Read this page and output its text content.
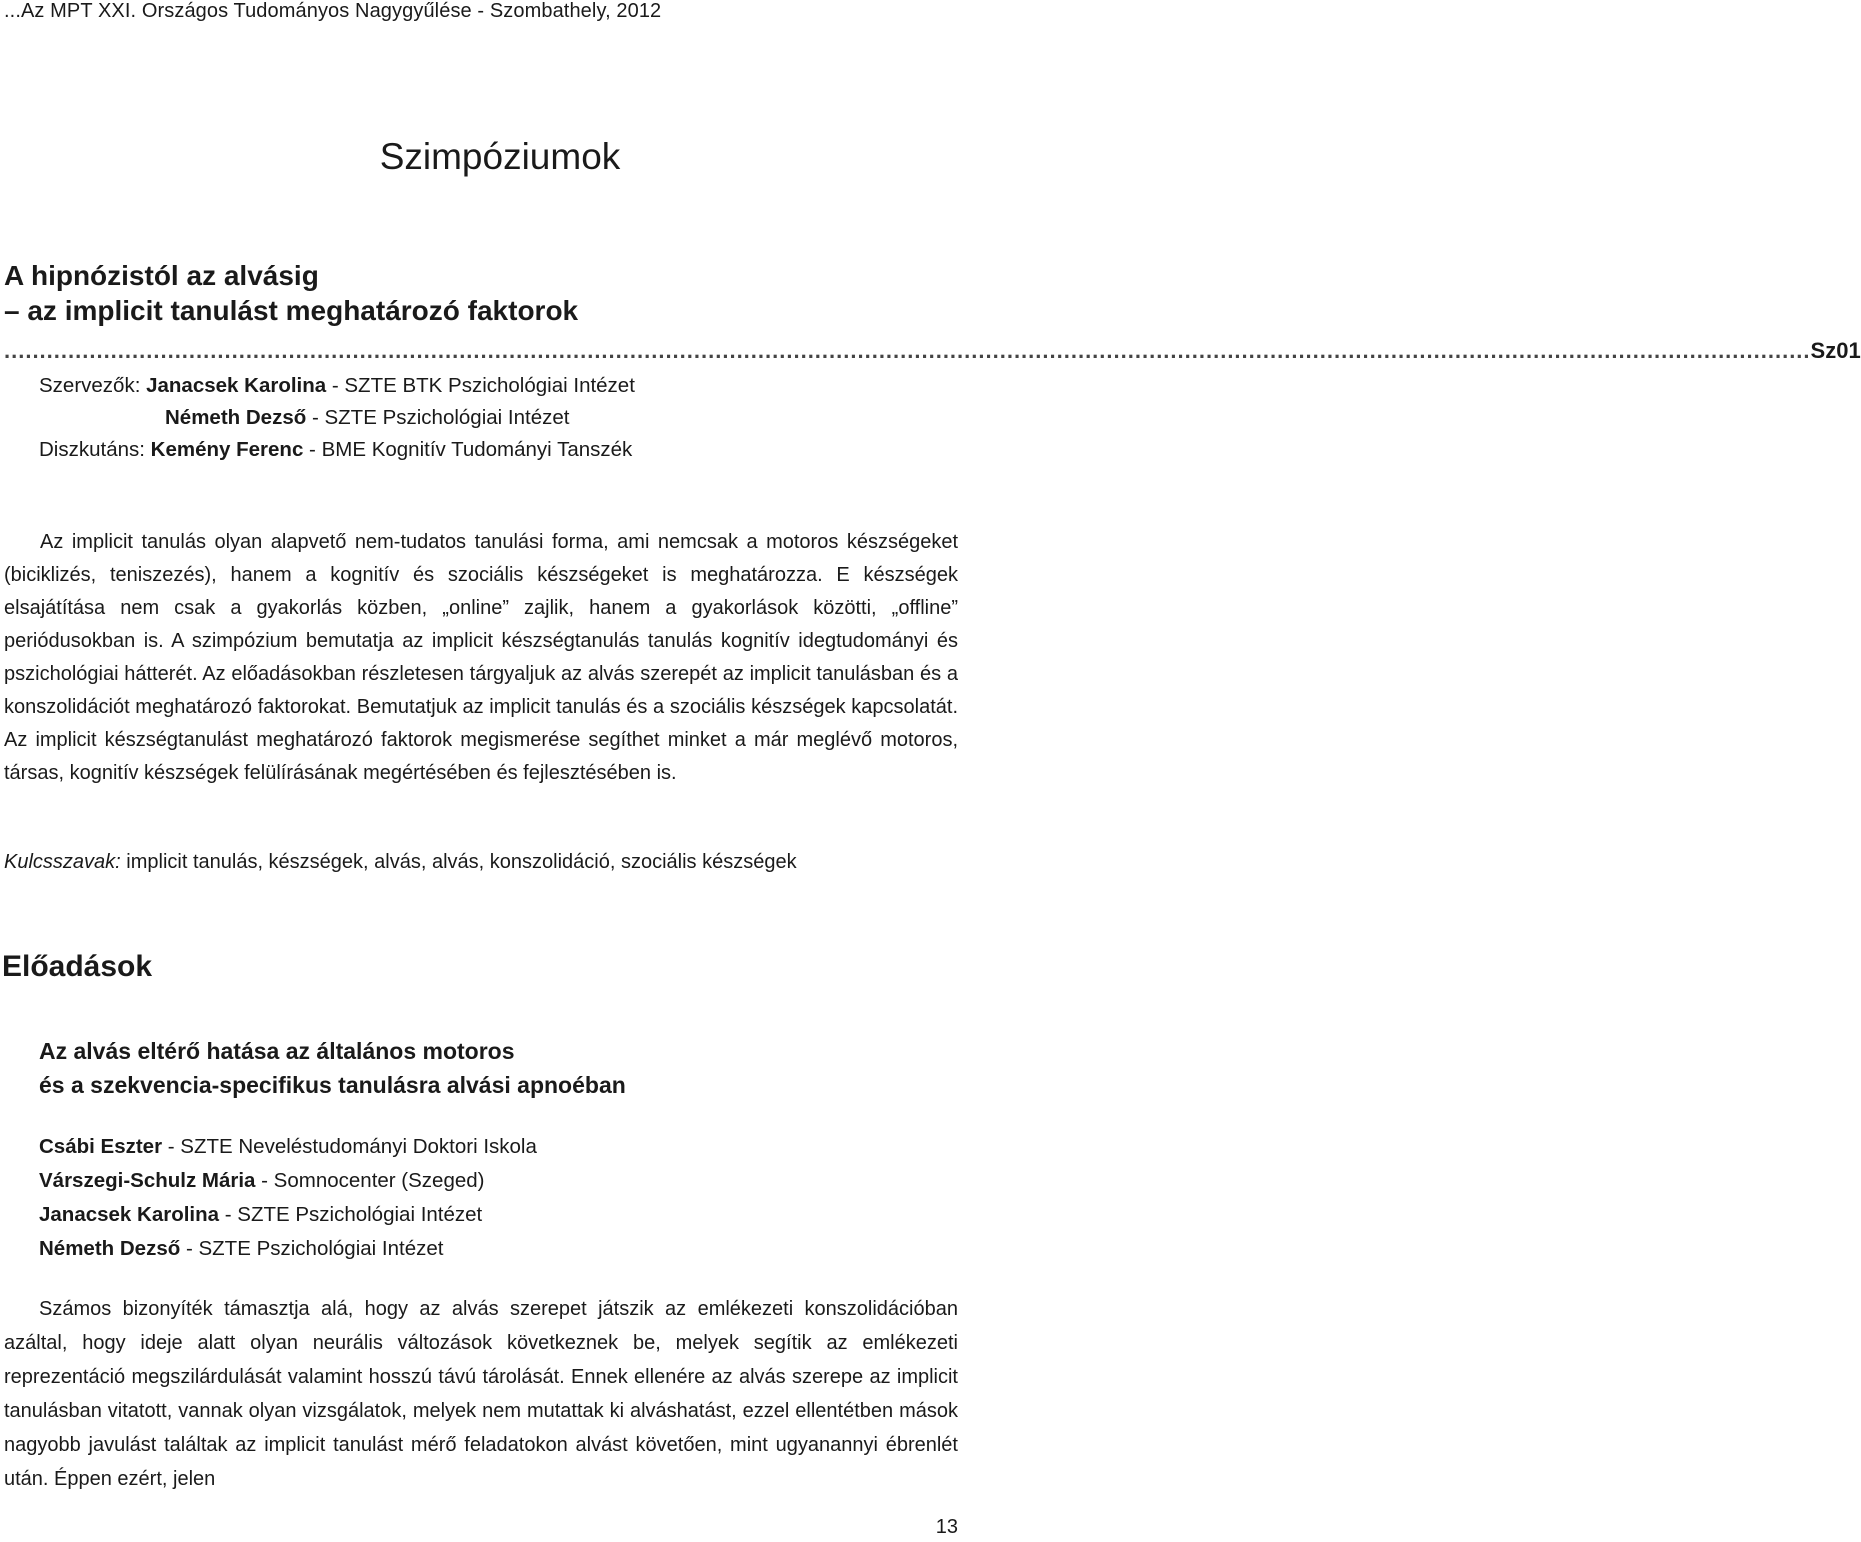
...Az MPT XXI. Országos Tudományos Nagygyűlése - Szombathely, 2012
Szimpóziumok
A hipnózistól az alvásig
– az implicit tanulást meghatározó faktorok
.............................................................................................................................................................................................................................................................. Sz01
Szervezők: Janacsek Karolina - SZTE BTK Pszichológiai Intézet
Németh Dezső - SZTE Pszichológiai Intézet
Diszkutáns: Kemény Ferenc - BME Kognitív Tudományi Tanszék

Az implicit tanulás olyan alapvető nem-tudatos tanulási forma, ami nemcsak a motoros készségeket (biciklizés, teniszezés), hanem a kognitív és szociális készségeket is meghatározza. E készségek elsajátítása nem csak a gyakorlás közben, „online” zajlik, hanem a gyakorlások közötti, „offline” periódusokban is. A szimpózium bemutatja az implicit készségtanulás tanulás kognitív idegtudományi és pszichológiai hátterét. Az előadásokban részletesen tárgyaljuk az alvás szerepét az implicit tanulásban és a konszolidációt meghatározó faktorokat. Bemutatjuk az implicit tanulás és a szociális készségek kapcsolatát. Az implicit készségtanulást meghatározó faktorok megismerése segíthet minket a már meglévő motoros, társas, kognitív készségek felülírásának megértésében és fejlesztésében is.

Kulcsszavak: implicit tanulás, készségek, alvás, alvás, konszolidáció, szociális készségek
Előadások
Az alvás eltérő hatása az általános motoros
és a szekvencia-specifikus tanulásra alvási apnoéban
Csábi Eszter - SZTE Neveléstudományi Doktori Iskola
Várszegi-Schulz Mária - Somnocenter (Szeged)
Janacsek Karolina - SZTE Pszichológiai Intézet
Németh Dezső - SZTE Pszichológiai Intézet

Számos bizonyíték támasztja alá, hogy az alvás szerepet játszik az emlékezeti konszolidációban azáltal, hogy ideje alatt olyan neurális változások következnek be, melyek segítik az emlékezeti reprezentáció megszilárdulását valamint hosszú távú tárolását. Ennek ellenére az alvás szerepe az implicit tanulásban vitatott, vannak olyan vizsgálatok, melyek nem mutattak ki alváshatást, ezzel ellentétben mások nagyobb javulást találtak az implicit tanulást mérő feladatokon alvást követően, mint ugyanannyi ébrenlét után. Éppen ezért, jelen

13
